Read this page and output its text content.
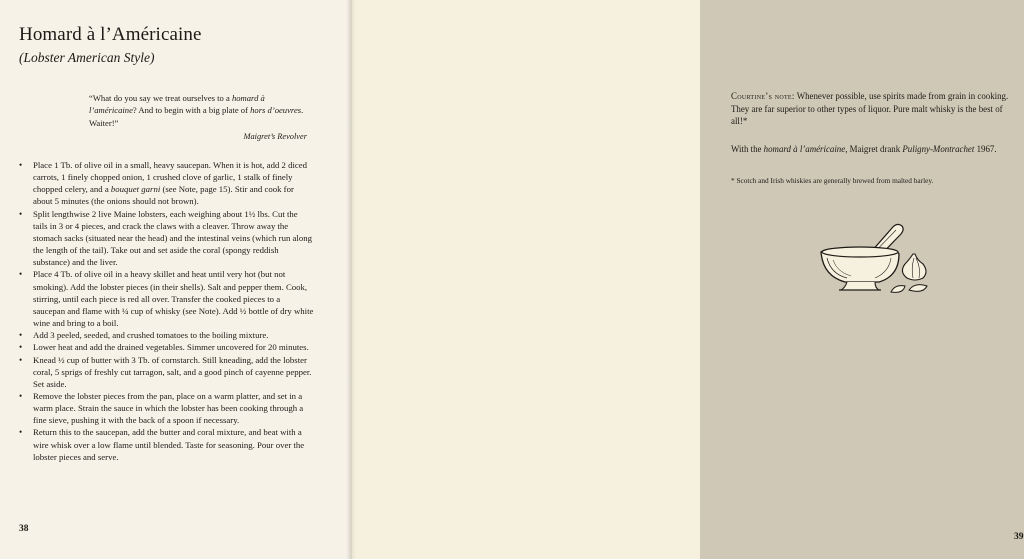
Homard à l’Américaine
(Lobster American Style)
“What do you say we treat ourselves to a homard à l’américaine? And to begin with a big plate of hors d’oeuvres. Waiter!”
Maigret’s Revolver
• Place 1 Tb. of olive oil in a small, heavy saucepan. When it is hot, add 2 diced carrots, 1 finely chopped onion, 1 crushed clove of garlic, 1 stalk of finely chopped celery, and a bouquet garni (see Note, page 15). Stir and cook for about 5 minutes (the onions should not brown).
• Split lengthwise 2 live Maine lobsters, each weighing about 1½ lbs. Cut the tails in 3 or 4 pieces, and crack the claws with a cleaver. Throw away the stomach sacks (situated near the head) and the intestinal veins (which run along the length of the tail). Take out and set aside the coral (spongy reddish substance) and the liver.
• Place 4 Tb. of olive oil in a heavy skillet and heat until very hot (but not smoking). Add the lobster pieces (in their shells). Salt and pepper them. Cook, stirring, until each piece is red all over. Transfer the cooked pieces to a saucepan and flame with ¼ cup of whisky (see Note). Add ½ bottle of dry white wine and bring to a boil.
• Add 3 peeled, seeded, and crushed tomatoes to the boiling mixture.
• Lower heat and add the drained vegetables. Simmer uncovered for 20 minutes.
• Knead ½ cup of butter with 3 Tb. of cornstarch. Still kneading, add the lobster coral, 5 sprigs of freshly cut tarragon, salt, and a good pinch of cayenne pepper. Set aside.
• Remove the lobster pieces from the pan, place on a warm platter, and set in a warm place. Strain the sauce in which the lobster has been cooking through a fine sieve, pushing it with the back of a spoon if necessary.
• Return this to the saucepan, add the butter and coral mixture, and beat with a wire whisk over a low flame until blended. Taste for seasoning. Pour over the lobster pieces and serve.
38
Courtine’s note: Whenever possible, use spirits made from grain in cooking. They are far superior to other types of liquor. Pure malt whisky is the best of all!*
With the homard à l’américaine, Maigret drank Puligny-Montrachet 1967.
* Scotch and Irish whiskies are generally brewed from malted barley.
39
